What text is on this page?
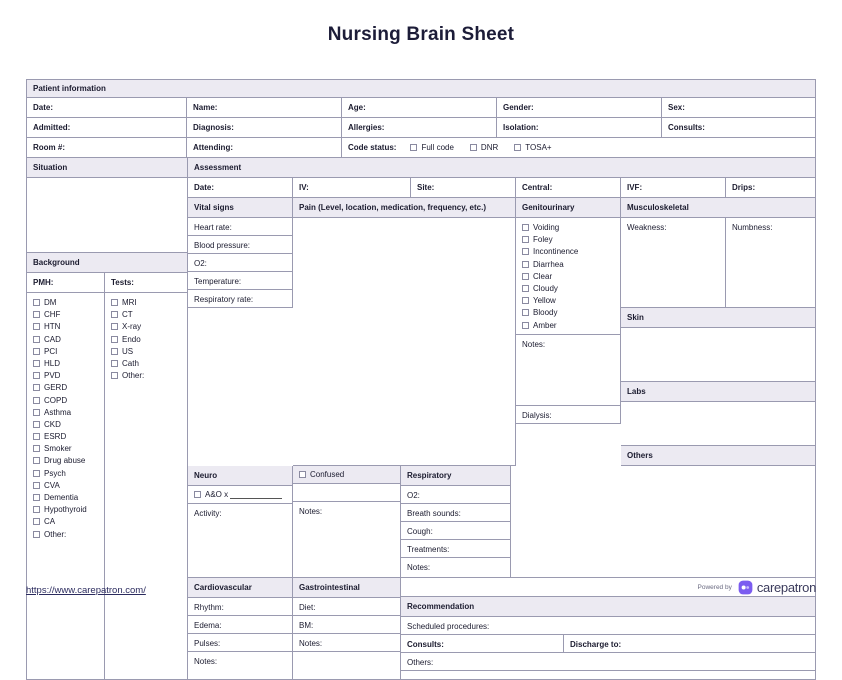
Nursing Brain Sheet
Patient information
Date:	Name:	Age:	Gender:	Sex:
Admitted:	Diagnosis:	Allergies:	Isolation:	Consults:
Room #:	Attending:	Code status:	Full code	DNR	TOSA+
Situation
Background
PMH:
DM
CHF
HTN
CAD
PCI
HLD
PVD
GERD
COPD
Asthma
CKD
ESRD
Smoker
Drug abuse
Psych
CVA
Dementia
Hypothyroid
CA
Other:
Tests:
MRI
CT
X-ray
Endo
US
Cath
Other:
Assessment
Date:	IV:	Site:	Central:	IVF:	Drips:
Vital signs
Heart rate:
Blood pressure:
O2:
Temperature:
Respiratory rate:
Pain (Level, location, medication, frequency, etc.)	Genitourinary
Voiding
Foley
Incontinence
Diarrhea
Clear
Cloudy
Yellow
Bloody
Amber
Notes:
Dialysis:
Musculoskeletal
Weakness:	Numbness:
Skin
Labs
Others
Neuro
A&O x
Activity:
Confused
Notes:
Respiratory
O2:
Breath sounds:
Cough:
Treatments:
Notes:
Cardiovascular
Rhythm:
Edema:
Pulses:
Notes:
Gastrointestinal
Diet:
BM:
Notes:
Recommendation
Scheduled procedures:
Consults:	Discharge to:
Others:
https://www.carepatron.com/	Powered by carepatron
